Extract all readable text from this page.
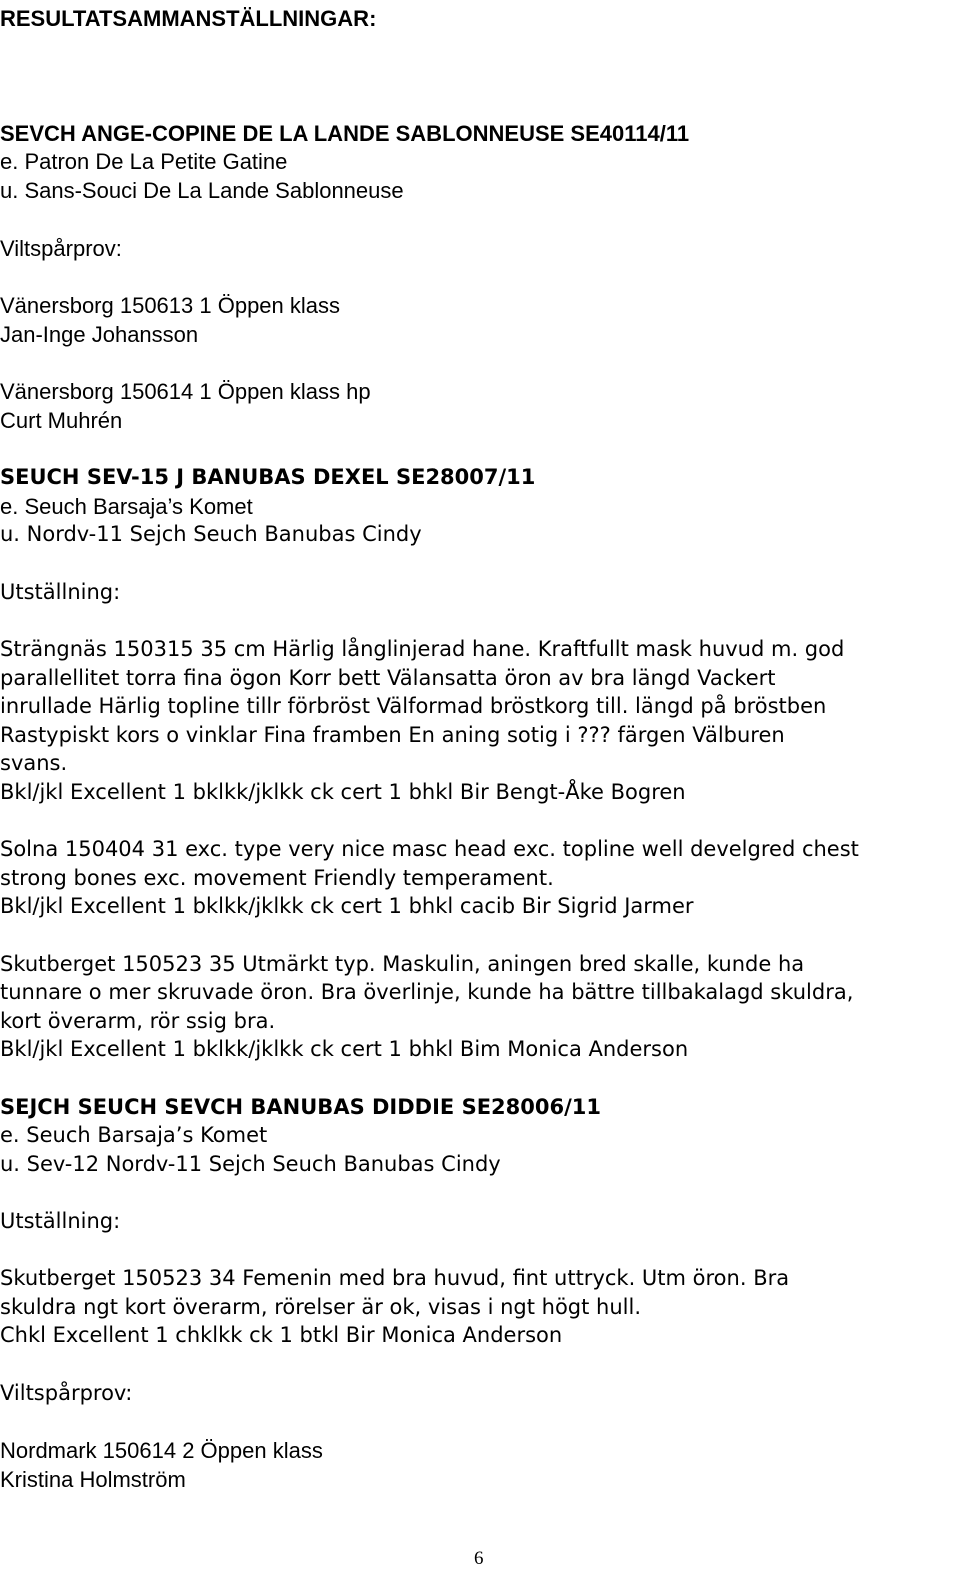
RESULTATSAMMANSTÄLLNINGAR:
SEVCH ANGE-COPINE DE LA LANDE SABLONNEUSE SE40114/11
e. Patron De La Petite Gatine
u. Sans-Souci De La Lande Sablonneuse
Viltspårprov:
Vänersborg 150613 1 Öppen klass
Jan-Inge Johansson
Vänersborg 150614 1 Öppen klass hp
Curt Muhrén
SEUCH SEV-15 J BANUBAS DEXEL SE28007/11
e. Seuch Barsaja’s Komet
u. Nordv-11 Sejch Seuch Banubas Cindy
Utställning:
Strängnäs 150315 35 cm Härlig långlinjerad hane. Kraftfullt mask huvud m. god
parallellitet torra fina ögon Korr bett Välansatta öron av bra längd Vackert
inrullade Härlig topline tillr förbröst Välformad bröstkorg till. längd på bröstben
Rastypiskt kors o vinklar Fina framben En aning sotig i ??? färgen Välburen
svans.
Bkl/jkl Excellent 1 bklkk/jklkk ck cert 1 bhkl Bir Bengt-Åke Bogren
Solna 150404 31 exc. type very nice masc head exc. topline well develgred chest
strong bones exc. movement Friendly temperament.
Bkl/jkl Excellent 1 bklkk/jklkk ck cert 1 bhkl cacib Bir Sigrid Jarmer
Skutberget 150523 35 Utmärkt typ. Maskulin, aningen bred skalle, kunde ha
tunnare o mer skruvade öron. Bra överlinje, kunde ha bättre tillbakalagd skuldra,
kort överarm, rör ssig bra.
Bkl/jkl Excellent 1 bklkk/jklkk ck cert 1 bhkl Bim Monica Anderson
SEJCH SEUCH SEVCH BANUBAS DIDDIE SE28006/11
e. Seuch Barsaja’s Komet
u. Sev-12 Nordv-11 Sejch Seuch Banubas Cindy
Utställning:
Skutberget 150523 34 Femenin med bra huvud, fint uttryck. Utm öron. Bra
skuldra ngt kort överarm, rörelser är ok, visas i ngt högt hull.
Chkl Excellent 1 chklkk ck 1 btkl Bir Monica Anderson
Viltspårprov:
Nordmark 150614 2 Öppen klass
Kristina Holmström
6
